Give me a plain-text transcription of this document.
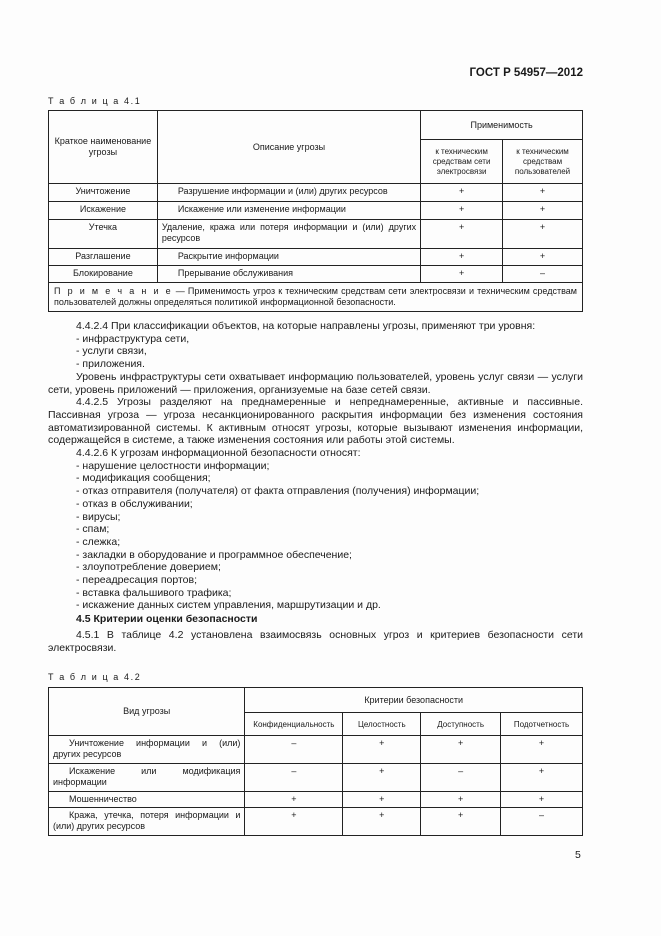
ГОСТ Р 54957—2012
Т а б л и ц а 4.1
Краткое наименование угрозы	Описание угрозы	Применимость	
		к техническим средствам сети электросвязи	к техническим средствам пользователей
Уничтожение	Разрушение информации и (или) других ресурсов	+	+
Искажение	Искажение или изменение информации	+	+
Утечка	Удаление, кража или потеря информации и (или) других ресурсов	+	+
Разглашение	Раскрытие информации	+	+
Блокирование	Прерывание обслуживания	+	–
П р и м е ч а н и е — Применимость угроз к техническим средствам сети электросвязи и техническим средствам пользователей должны определяться политикой информационной безопасности.			

4.4.2.4 При классификации объектов, на которые направлены угрозы, применяют три уровня:

- инфраструктура сети,
- услуги связи,
- приложения.

Уровень инфраструктуры сети охватывает информацию пользователей, уровень услуг связи — услуги сети, уровень приложений — приложения, организуемые на базе сетей связи.

4.4.2.5 Угрозы разделяют на преднамеренные и непреднамеренные, активные и пассивные. Пассивная угроза — угроза несанкционированного раскрытия информации без изменения состояния автоматизированной системы. К активным относят угрозы, которые вызывают изменения информации, содержащейся в системе, а также изменения состояния или работы этой системы.

4.4.2.6 К угрозам информационной безопасности относят:

- нарушение целостности информации;
- модификация сообщения;
- отказ отправителя (получателя) от факта отправления (получения) информации;
- отказ в обслуживании;
- вирусы;
- спам;
- слежка;
- закладки в оборудование и программное обеспечение;
- злоупотребление доверием;
- переадресация портов;
- вставка фальшивого трафика;
- искажение данных систем управления, маршрутизации и др.

4.5 Критерии оценки безопасности

4.5.1 В таблице 4.2 установлена взаимосвязь основных угроз и критериев безопасности сети электросвязи.

Т а б л и ц а 4.2
Вид угрозы	Критерии безопасности			
	Конфиденциальность	Целостность	Доступность	Подотчетность
Уничтожение информации и (или) других ресурсов	–	+	+	+
Искажение или модификация информации	–	+	–	+
Мошенничество	+	+	+	+
Кража, утечка, потеря информации и (или) других ресурсов	+	+	+	–
5
